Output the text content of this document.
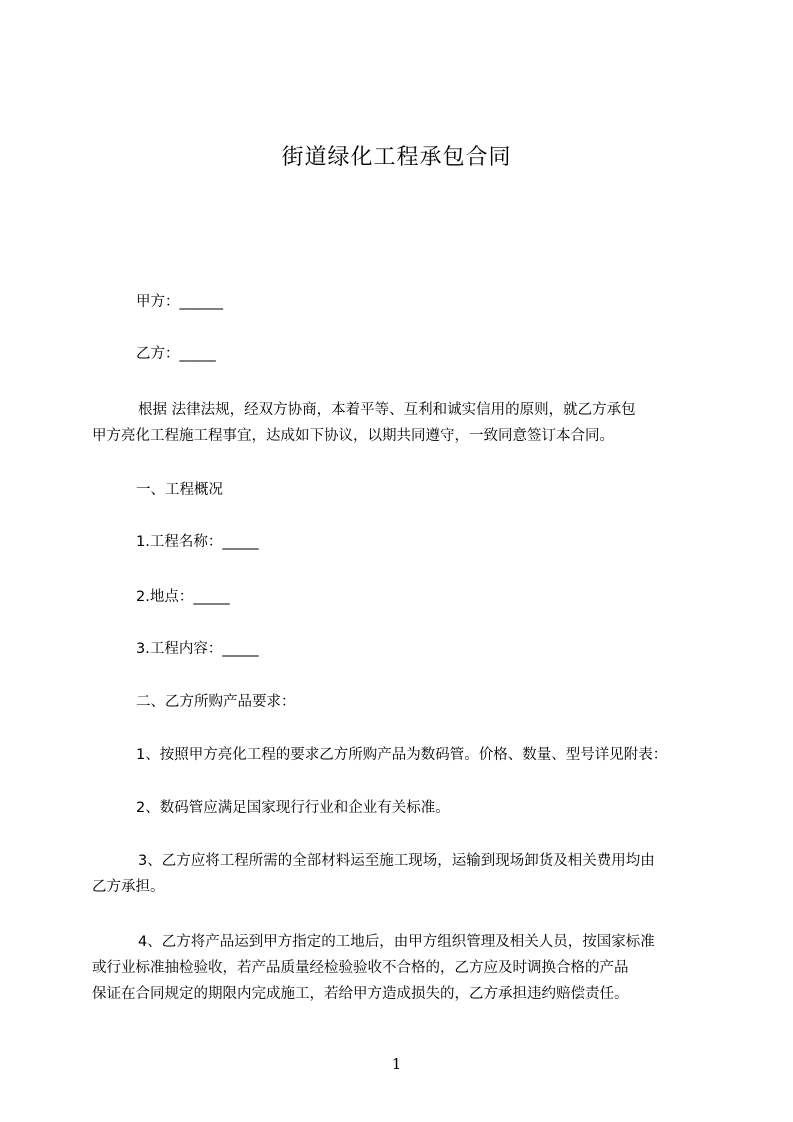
街道绿化工程承包合同
甲方：______
乙方：_____
根据 法律法规，经双方协商，本着平等、互利和诚实信用的原则，就乙方承包
甲方亮化工程施工程事宜，达成如下协议，以期共同遵守，一致同意签订本合同。
一、工程概况
1.工程名称：_____
2.地点：_____
3.工程内容：_____
二、乙方所购产品要求：
1、按照甲方亮化工程的要求乙方所购产品为数码管。价格、数量、型号详见附表：
2、数码管应满足国家现行行业和企业有关标准。
3、乙方应将工程所需的全部材料运至施工现场，运输到现场卸货及相关费用均由
乙方承担。
4、乙方将产品运到甲方指定的工地后，由甲方组织管理及相关人员，按国家标准
或行业标准抽检验收，若产品质量经检验验收不合格的，乙方应及时调换合格的产品
保证在合同规定的期限内完成施工，若给甲方造成损失的，乙方承担违约赔偿责任。
1
